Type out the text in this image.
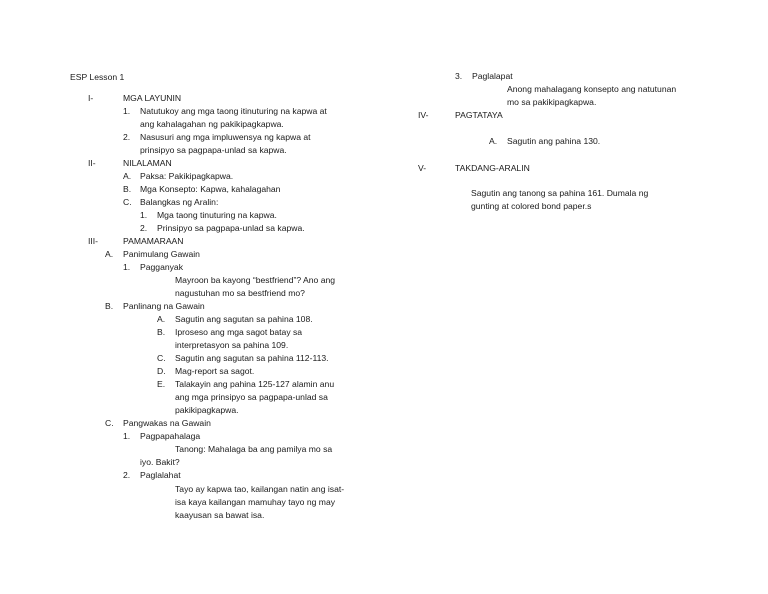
ESP Lesson 1
I-	MGA LAYUNIN
1. Natutukoy ang mga taong itinuturing na kapwa at
ang kahalagahan ng pakikipagkapwa.
2. Nasusuri ang mga impluwensya ng kapwa at
prinsipyo sa pagpapa-unlad sa kapwa.
II-	NILALAMAN
A. Paksa: Pakikipagkapwa.
B. Mga Konsepto: Kapwa, kahalagahan
C. Balangkas ng Aralin:
1. Mga taong tinuturing na kapwa.
2. Prinsipyo sa pagpapa-unlad sa kapwa.
III-	PAMAMARAAN
A. Panimulang Gawain
1. Pagganyak
Mayroon ba kayong “bestfriend”? Ano ang
nagustuhan mo sa bestfriend mo?
B. Panlinang na Gawain
A. Sagutin ang sagutan sa pahina 108.
B. Iproseso ang mga sagot batay sa
interpretasyon sa pahina 109.
C. Sagutin ang sagutan sa pahina 112-113.
D. Mag-report sa sagot.
E. Talakayin ang pahina 125-127 alamin anu
ang mga prinsipyo sa pagpapa-unlad sa
pakikipagkapwa.
C. Pangwakas na Gawain
1. Pagpapahalaga
Tanong: Mahalaga ba ang pamilya mo sa
iyo. Bakit?
2. Paglalahat
Tayo ay kapwa tao, kailangan natin ang isat-
isa kaya kailangan mamuhay tayo ng may
kaayusan sa bawat isa.
3. Paglalapat
Anong mahalagang konsepto ang natutunan
mo sa pakikipagkapwa.
IV-	PAGTATAYA
A. Sagutin ang pahina 130.
V-	TAKDANG-ARALIN
Sagutin ang tanong sa pahina 161. Dumala ng
gunting at colored bond paper.s
